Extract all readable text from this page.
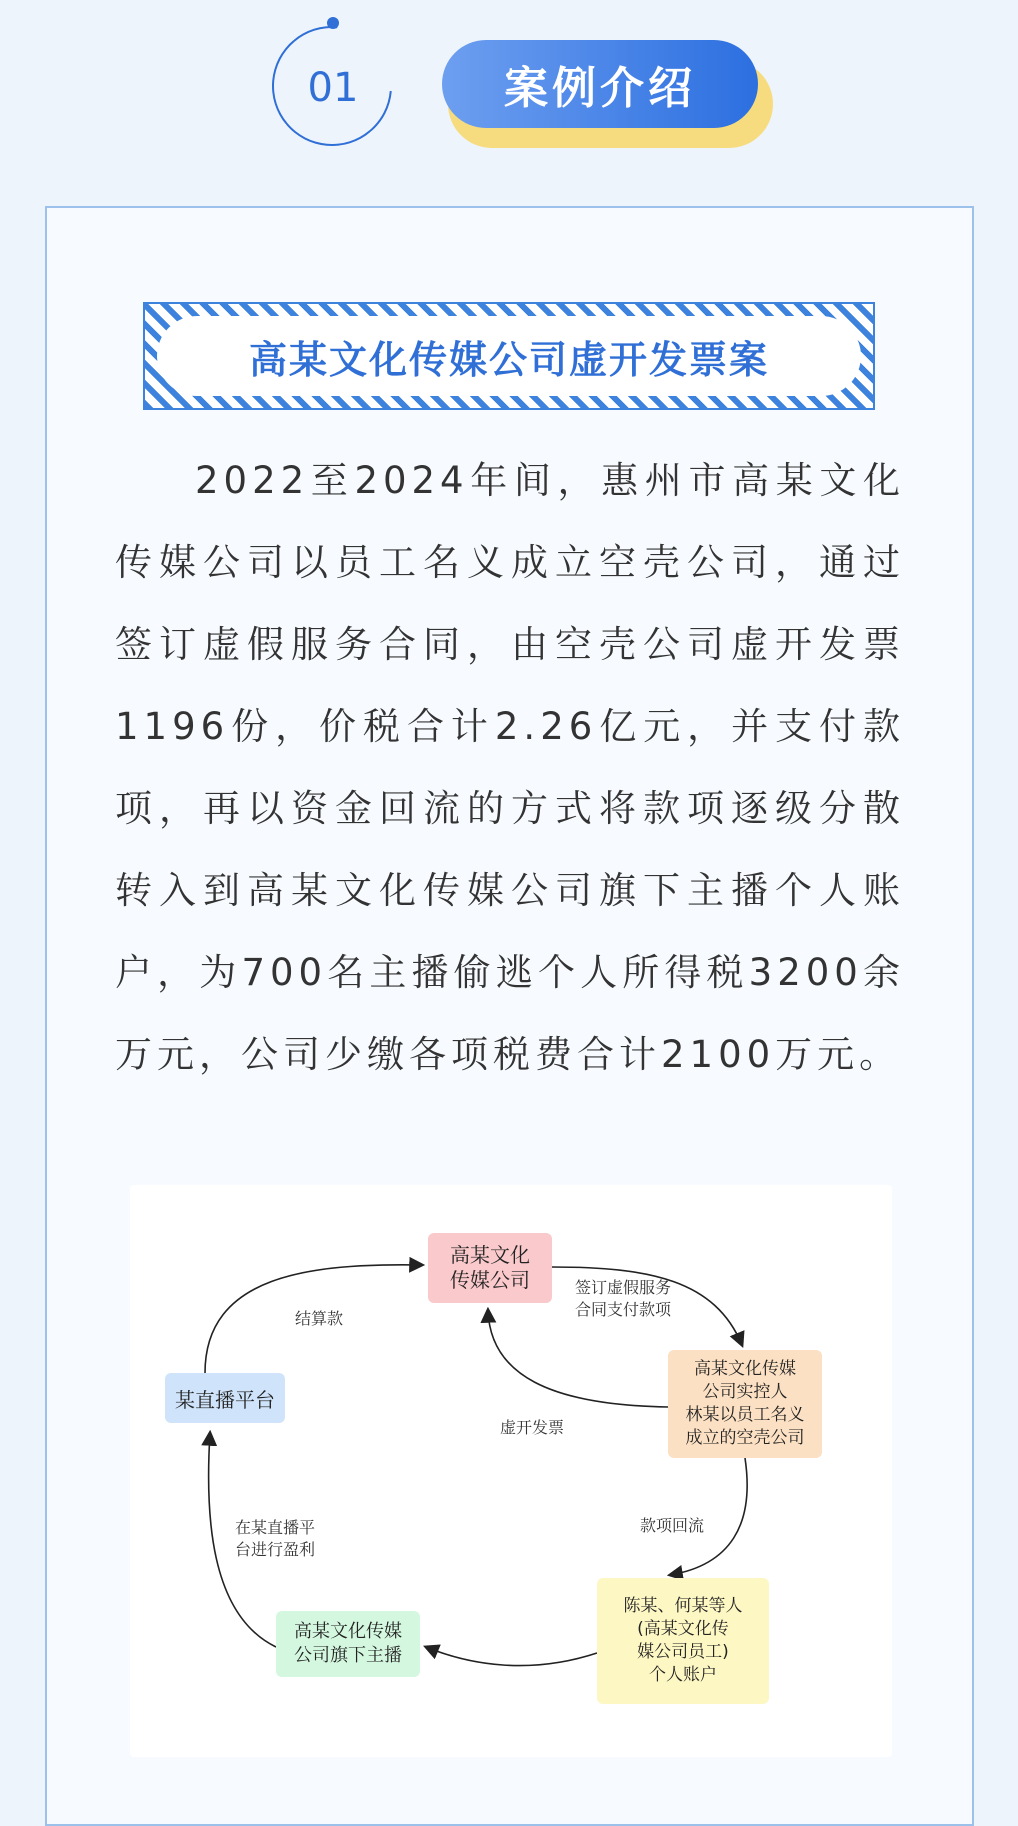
01	案例介绍
高某文化传媒公司虚开发票案

2022至2024年间，惠州市高某文化传媒公司以员工名义成立空壳公司，通过签订虚假服务合同，由空壳公司虚开发票1196份，价税合计2.26亿元，并支付款项，再以资金回流的方式将款项逐级分散转入到高某文化传媒公司旗下主播个人账户，为700名主播偷逃个人所得税3200余万元，公司少缴各项税费合计2100万元。

高某文化
传媒公司
某直播平台
高某文化传媒
公司实控人
林某以员工名义
成立的空壳公司
陈某、何某等人
(高某文化传
媒公司员工)
个人账户
高某文化传媒
公司旗下主播
结算款
签订虚假服务
合同支付款项
虚开发票
款项回流
在某直播平
台进行盈利
